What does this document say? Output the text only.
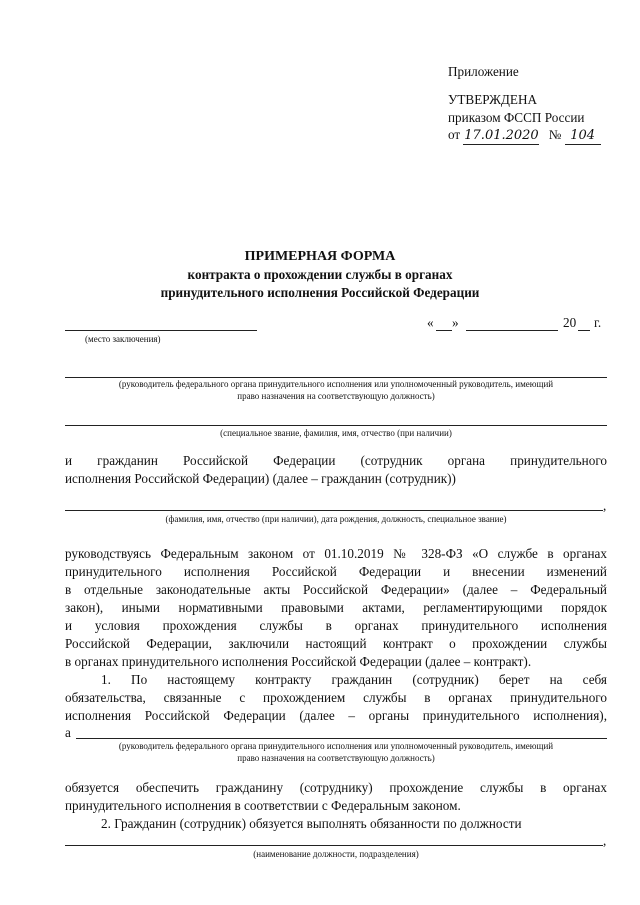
Приложение
УТВЕРЖДЕНА
приказом ФССП России
от 17.01.2020 № 104
ПРИМЕРНАЯ ФОРМА
контракта о прохождении службы в органах
принудительного исполнения Российской Федерации
(место заключения)
« »	20 г.
(руководитель федерального органа принудительного исполнения или уполномоченный руководитель, имеющий
право назначения на соответствующую должность)
(специальное звание, фамилия, имя, отчество (при наличии)
и гражданин Российской Федерации (сотрудник органа принудительного
исполнения Российской Федерации) (далее – гражданин (сотрудник))
,
(фамилия, имя, отчество (при наличии), дата рождения, должность, специальное звание)
руководствуясь Федеральным законом от 01.10.2019 № 328-ФЗ «О службе в органах
принудительного исполнения Российской Федерации и внесении изменений
в отдельные законодательные акты Российской Федерации» (далее – Федеральный
закон), иными нормативными правовыми актами, регламентирующими порядок
и условия прохождения службы в органах принудительного исполнения
Российской Федерации, заключили настоящий контракт о прохождении службы
в органах принудительного исполнения Российской Федерации (далее – контракт).
1. По настоящему контракту гражданин (сотрудник) берет на себя
обязательства, связанные с прохождением службы в органах принудительного
исполнения Российской Федерации (далее – органы принудительного исполнения),
а
(руководитель федерального органа принудительного исполнения или уполномоченный руководитель, имеющий
право назначения на соответствующую должность)
обязуется обеспечить гражданину (сотруднику) прохождение службы в органах
принудительного исполнения в соответствии с Федеральным законом.
2. Гражданин (сотрудник) обязуется выполнять обязанности по должности
,
(наименование должности, подразделения)
